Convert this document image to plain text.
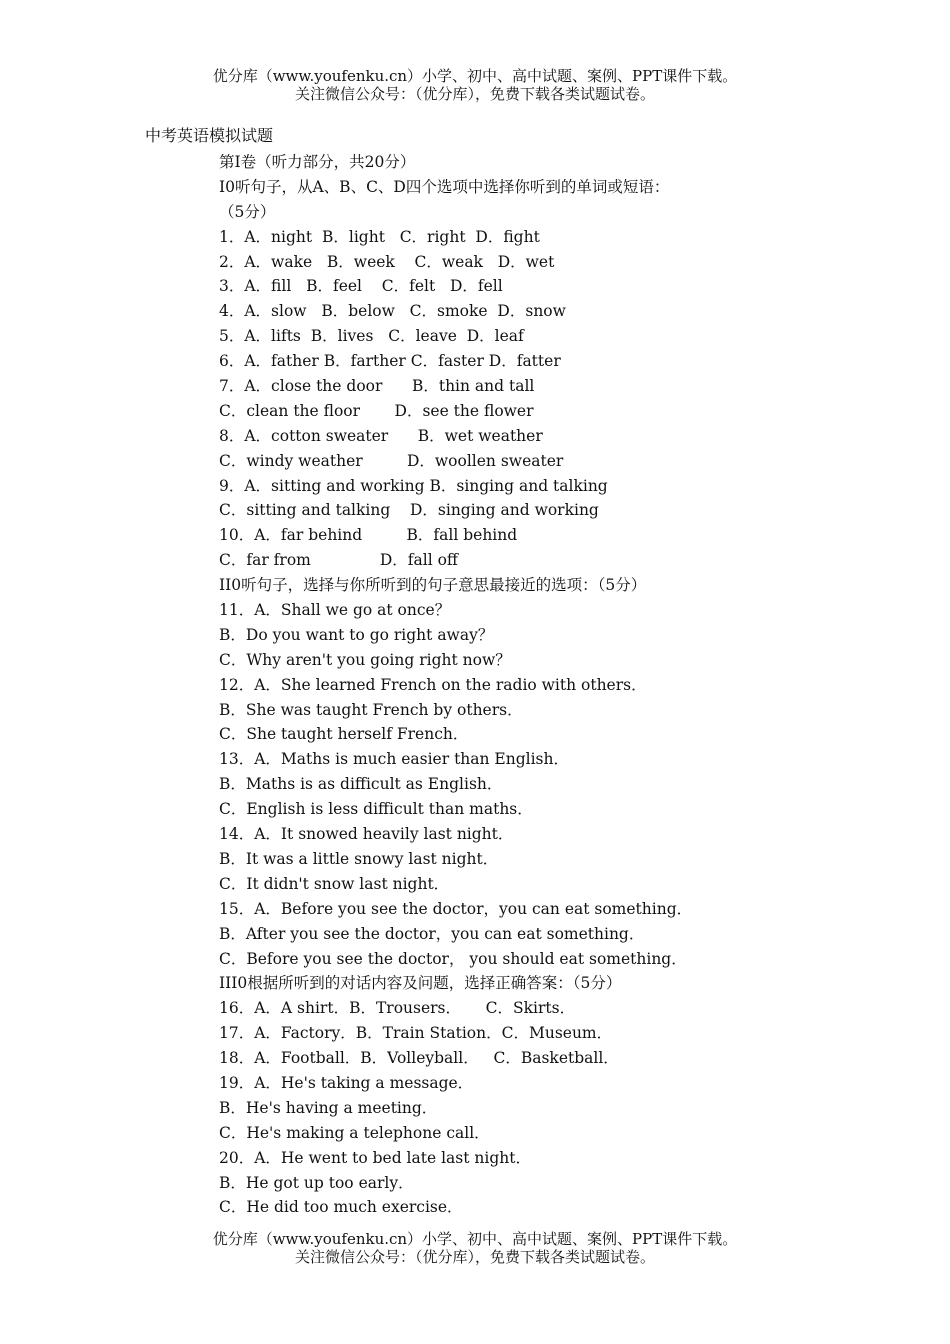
优分库（www.youfenku.cn）小学、初中、高中试题、案例、PPT课件下载。
关注微信公众号：（优分库），免费下载各类试题试卷。
中考英语模拟试题
第Ⅰ卷（听力部分，共20分）
I0听句子，从A、B、C、D四个选项中选择你听到的单词或短语：
（5分）
1．A．night  B．light   C．right  D．fight
2．A．wake   B．week    C．weak   D．wet
3．A．fill   B．feel    C．felt   D．fell
4．A．slow   B．below   C．smoke  D．snow
5．A．lifts  B．lives   C．leave  D．leaf
6．A．father B．farther C．faster D．fatter
7．A．close the door      B．thin and tall
C．clean the floor       D．see the flower
8．A．cotton sweater      B．wet weather
C．windy weather         D．woollen sweater
9．A．sitting and working B．singing and talking
C．sitting and talking    D．singing and working
10．A．far behind         B．fall behind
C．far from              D．fall off
II0听句子，选择与你所听到的句子意思最接近的选项：（5分）
11．A．Shall we go at once？
B．Do you want to go right away？
C．Why aren't you going right now？
12．A．She learned French on the radio with others．
B．She was taught French by others．
C．She taught herself French．
13．A．Maths is much easier than English．
B．Maths is as difficult as English．
C．English is less difficult than maths．
14．A．It snowed heavily last night．
B．It was a little snowy last night．
C．It didn't snow last night．
15．A．Before you see the doctor，you can eat something．
B．After you see the doctor，you can eat something．
C．Before you see the doctor， you should eat something．
III0根据所听到的对话内容及问题，选择正确答案：（5分）
16．A．A shirt．B．Trousers．     C．Skirts．
17．A．Factory．B．Train Station．C．Museum．
18．A．Football．B．Volleyball．   C．Basketball．
19．A．He's taking a message．
B．He's having a meeting．
C．He's making a telephone call．
20．A．He went to bed late last night．
B．He got up too early．
C．He did too much exercise．
优分库（www.youfenku.cn）小学、初中、高中试题、案例、PPT课件下载。
关注微信公众号：（优分库），免费下载各类试题试卷。
